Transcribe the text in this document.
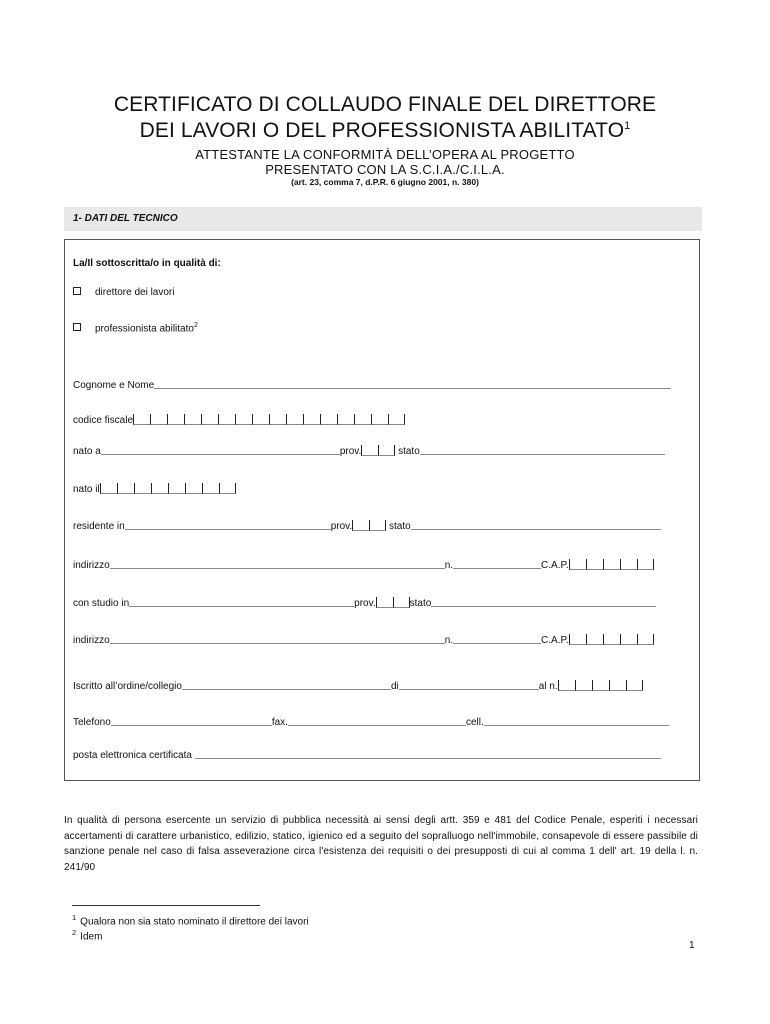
CERTIFICATO DI COLLAUDO FINALE DEL DIRETTORE
DEI LAVORI O DEL PROFESSIONISTA ABILITATO$^1$
ATTESTANTE LA CONFORMITÀ DELL’OPERA AL PROGETTO
PRESENTATO CON LA S.C.I.A./C.I.L.A.
(art. 23, comma 7, d.P.R. 6 giugno 2001, n. 380)
1- DATI DEL TECNICO
La/Il sottoscritta/o in qualità di:
direttore dei lavori
professionista abilitato$^2$
Cognome e Nome
codice fiscale
nato a	prov.	stato
nato il
residente in	prov.	stato
indirizzo	n.	C.A.P.
con studio in	prov.	stato
indirizzo	n.	C.A.P.
Iscritto all’ordine/collegio	di	al n.
Telefono	fax.	cell.
posta elettronica certificata
In qualità di persona esercente un servizio di pubblica necessità ai sensi degli artt. 359 e 481 del Codice Penale, esperiti i necessari accertamenti di carattere urbanistico, edilizio, statico, igienico ed a seguito del sopralluogo nell'immobile, consapevole di essere passibile di sanzione penale nel caso di falsa asseverazione circa l'esistenza dei requisiti o dei presupposti di cui al comma 1 dell' art. 19 della l. n. 241/90
$^1$ Qualora non sia stato nominato il direttore dei lavori
$^2$ Idem
1
